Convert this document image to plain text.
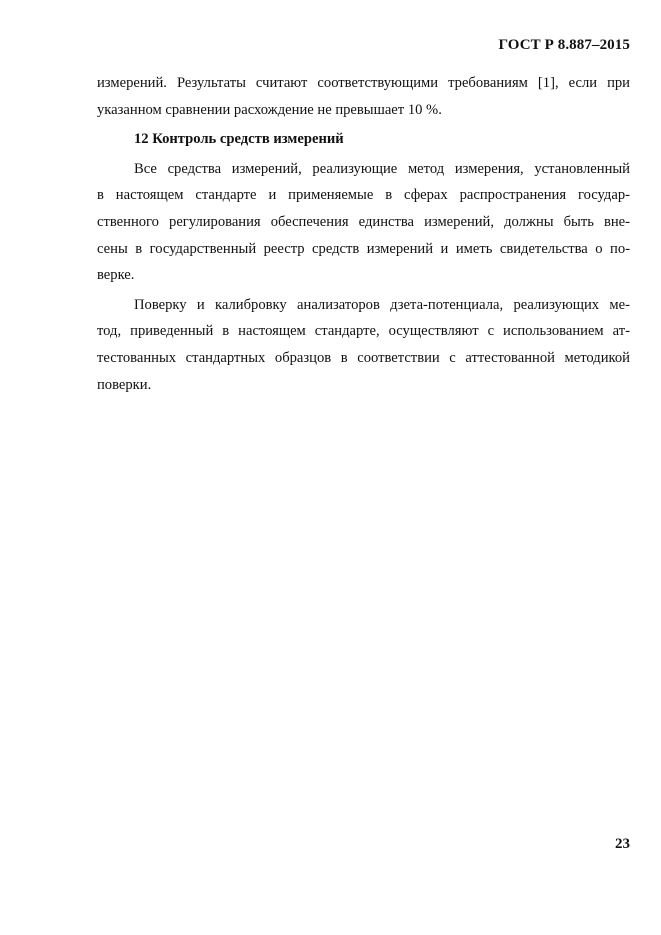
ГОСТ Р 8.887–2015

измерений. Результаты считают соответствующими требованиям [1], если при
указанном сравнении расхождение не превышает 10 %.

12 Контроль средств измерений

Все средства измерений, реализующие метод измерения, установленный
в настоящем стандарте и применяемые в сферах распространения государ-
ственного регулирования обеспечения единства измерений, должны быть вне-
сены в государственный реестр средств измерений и иметь свидетельства о по-
верке.

Поверку и калибровку анализаторов дзета-потенциала, реализующих ме-
тод, приведенный в настоящем стандарте, осуществляют с использованием ат-
тестованных стандартных образцов в соответствии с аттестованной методикой
поверки.

23
